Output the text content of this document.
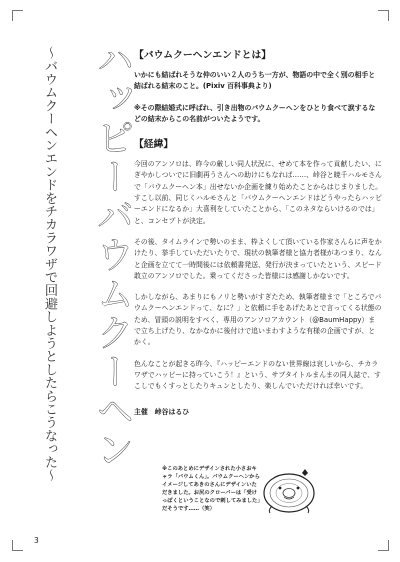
ハッピーバウムクーヘン
〜バウムクーヘンエンドをチカラワザで回避しようとしたらこうなった〜	【バウムクーヘンエンドとは】

いかにも結ばれそうな仲のいい２人のうち一方が、物語の中で全く別の相手と結ばれる結末のこと。(Pixiv 百科事典より)

※その際結婚式に呼ばれ、引き出物のバウムクーヘンをひとり食べて涙するなどの結末からこの名前がついたようです。

【経緯】

今回のアンソロは、昨今の厳しい同人状況に、せめて本を作って貢献したい、にぎやかしついでに旧劇再うさんへの助けにもなれば……、峠谷と暁千ハルモさんで「バウムクーヘン本」出せないか企画を練り始めたことからはじまりました。すこし以前、同じくハルモさんと「バウムクーヘンエンドはどうやったらハッピーエンドになるか」大喜利をしていたことから、「このネタならいけるのでは」と、コンセプトが決定。

その後、タイムラインで勢いのまま、枠よくして頂いている作家さんらに声をかけたり、挙手していただいたりで、現状の執筆者様と協力者様があつまり、なんと企画を立てて一時間後には依頼書発送、発行が決まっていたという、スピード敢立のアンソロでした。乗ってくださった皆様には感謝しかないです。

しかしながら、あまりにもノリと勢いがすぎたため、執筆者様まで「ところでバウムクーヘンエンドって、なに？」と依頼に手をあげたあとで言ってくる状態のため、冒頭の説明をすべく、専用のアンソロアカウント（@BaumHappy）まで立ち上げたり、なかなかに後付けで追いまわすような有様の企画ですが、とかく。

色んなことが起きる昨今、『ハッピーエンドのない世界線は哀しいから、チカラワザでハッピーに持っていこう！』という、サブタイトルまんまの同人誌で、すこしでもくすっとしたりキュンとしたり、楽しんでいただければ幸いです。

主催　峠谷はるひ
※このあとめにデザインされた小さおキャラ「バウムくん」。バウムクーヘンからイメージしてあきのさんにデザインいただきました。お尻のクローバーは「受けっぽくということなので刺してみました」だそうです……（笑）
3
